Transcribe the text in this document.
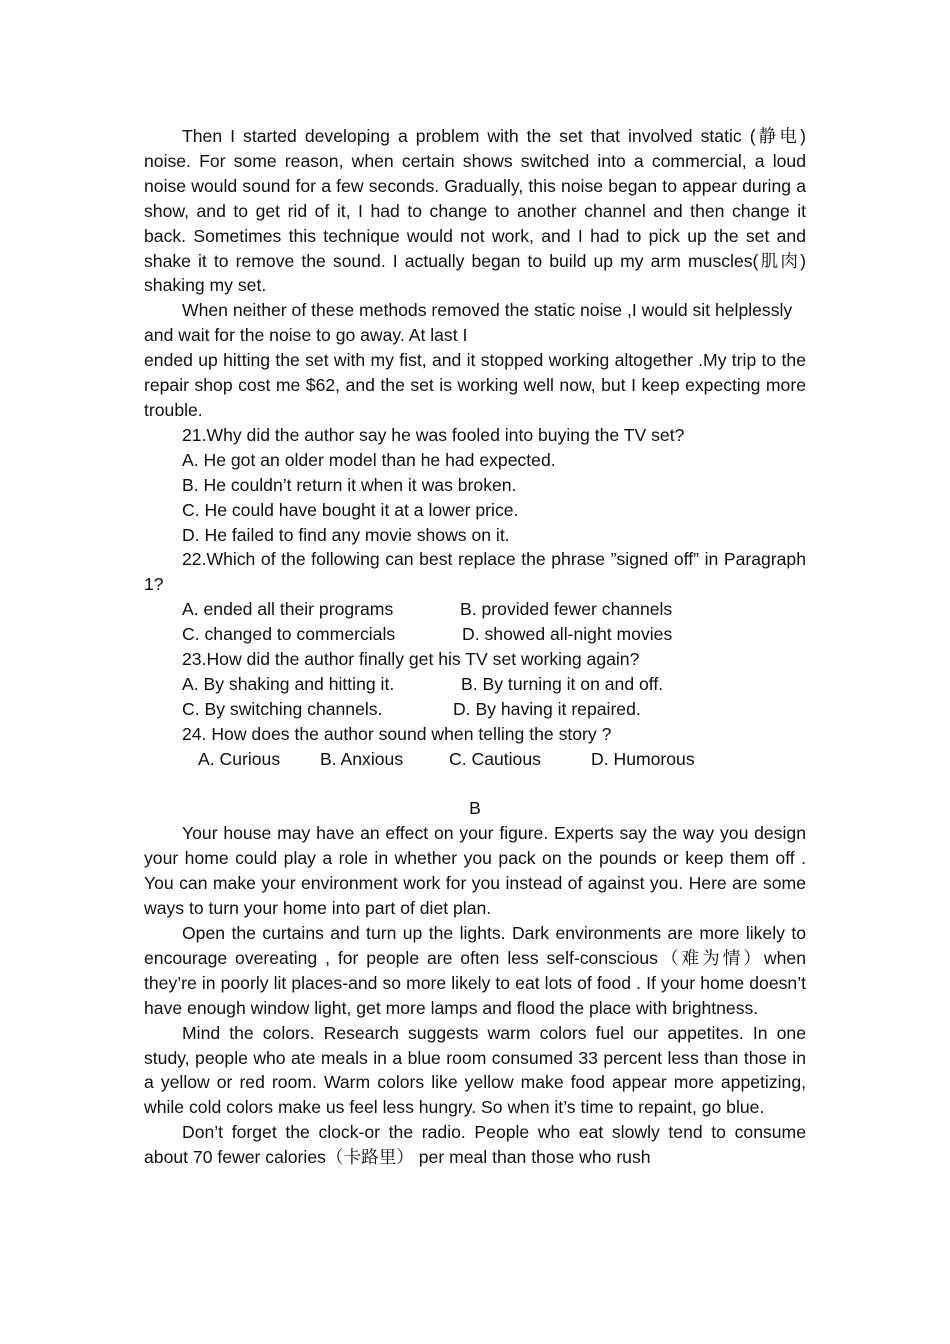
Then I started developing a problem with the set that involved static (静电) noise. For some reason, when certain shows switched into a commercial, a loud noise would sound for a few seconds. Gradually, this noise began to appear during a show, and to get rid of it, I had to change to another channel and then change it back. Sometimes this technique would not work, and I had to pick up the set and shake it to remove the sound. I actually began to build up my arm muscles(肌肉) shaking my set.

When neither of these methods removed the static noise ,I would sit helplessly and wait for the noise to go away. At last I

ended up hitting the set with my fist, and it stopped working altogether .My trip to the repair shop cost me $62, and the set is working well now, but I keep expecting more trouble.

21.Why did the author say he was fooled into buying the TV set?
A. He got an older model than he had expected.
B. He couldn’t return it when it was broken.
C. He could have bought it at a lower price.
D. He failed to find any movie shows on it.

22.Which of the following can best replace the phrase ”signed off” in Paragraph 1?

A. ended all their programs	B. provided fewer channels
C. changed to commercials	D. showed all-night movies
23.How did the author finally get his TV set working again?
A. By shaking and hitting it.	B. By turning it on and off.
C. By switching channels.	D. By having it repaired.
24. How does the author sound when telling the story ?
A. Curious B. Anxious	C. Cautious	D. Humorous
B

Your house may have an effect on your figure. Experts say the way you design your home could play a role in whether you pack on the pounds or keep them off . You can make your environment work for you instead of against you. Here are some ways to turn your home into part of diet plan.

Open the curtains and turn up the lights. Dark environments are more likely to encourage overeating , for people are often less self-conscious（难为情）when they’re in poorly lit places-and so more likely to eat lots of food . If your home doesn’t have enough window light, get more lamps and flood the place with brightness.

Mind the colors. Research suggests warm colors fuel our appetites. In one study, people who ate meals in a blue room consumed 33 percent less than those in a yellow or red room. Warm colors like yellow make food appear more appetizing, while cold colors make us feel less hungry. So when it’s time to repaint, go blue.

Don’t forget the clock-or the radio. People who eat slowly tend to consume about 70 fewer calories（卡路里） per meal than those who rush
